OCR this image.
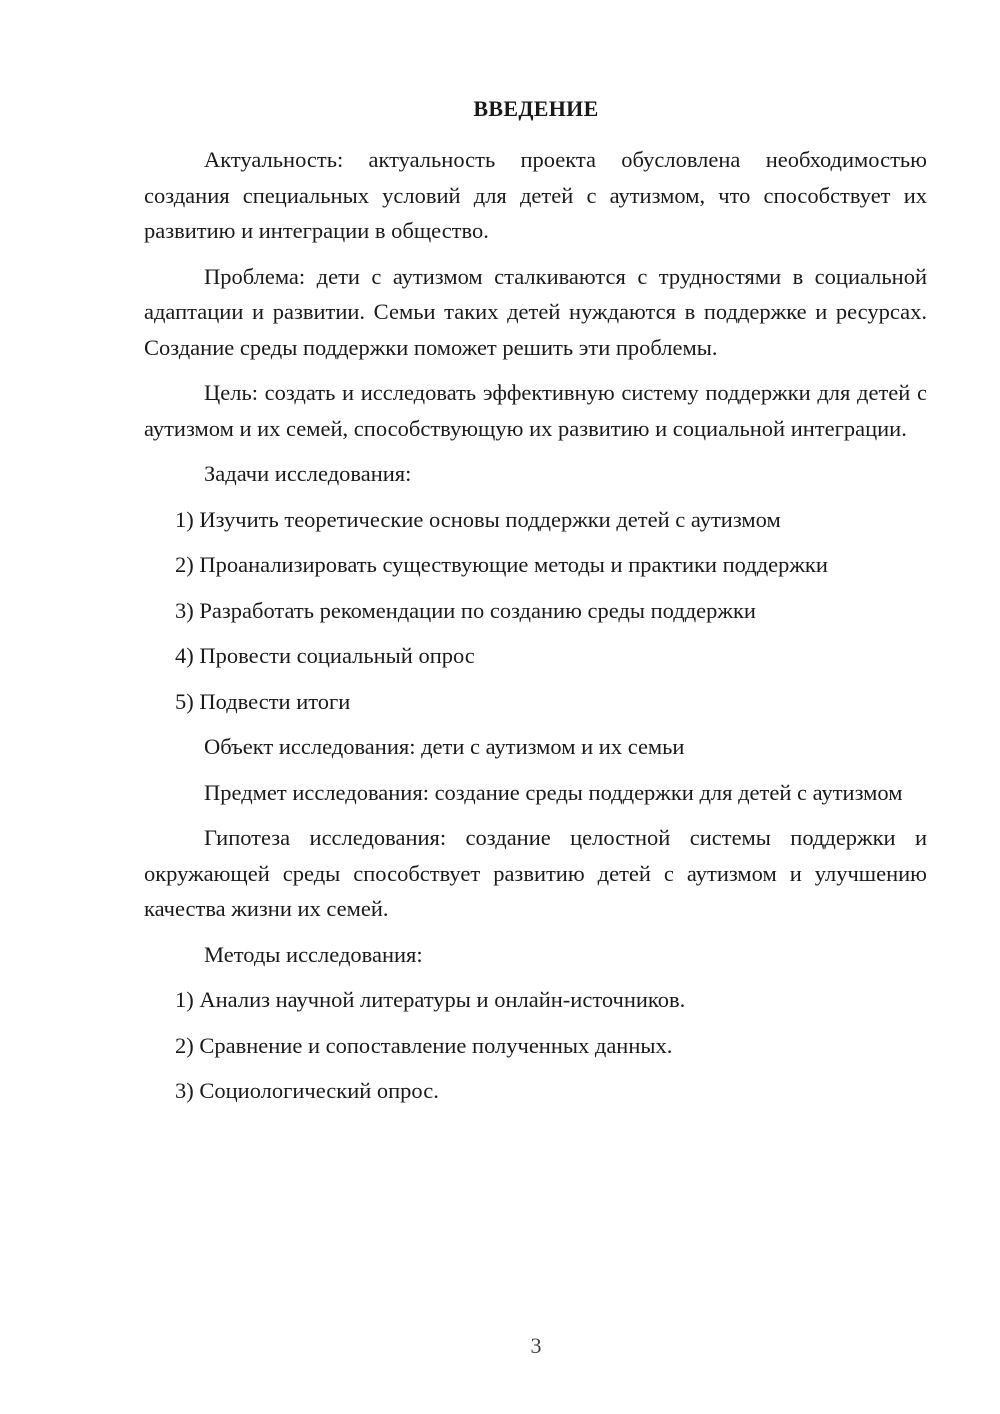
ВВЕДЕНИЕ

Актуальность: актуальность проекта обусловлена необходимостью создания специальных условий для детей с аутизмом, что способствует их развитию и интеграции в общество.

Проблема: дети с аутизмом сталкиваются с трудностями в социальной адаптации и развитии. Семьи таких детей нуждаются в поддержке и ресурсах. Создание среды поддержки поможет решить эти проблемы.

Цель: создать и исследовать эффективную систему поддержки для детей с аутизмом и их семей, способствующую их развитию и социальной интеграции.

Задачи исследования:

1) Изучить теоретические основы поддержки детей с аутизмом
2) Проанализировать существующие методы и практики поддержки
3) Разработать рекомендации по созданию среды поддержки
4) Провести социальный опрос
5) Подвести итоги

Объект исследования: дети с аутизмом и их семьи

Предмет исследования: создание среды поддержки для детей с аутизмом

Гипотеза исследования: создание целостной системы поддержки и окружающей среды способствует развитию детей с аутизмом и улучшению качества жизни их семей.

Методы исследования:

1) Анализ научной литературы и онлайн-источников.
2) Сравнение и сопоставление полученных данных.
3) Социологический опрос.
3
